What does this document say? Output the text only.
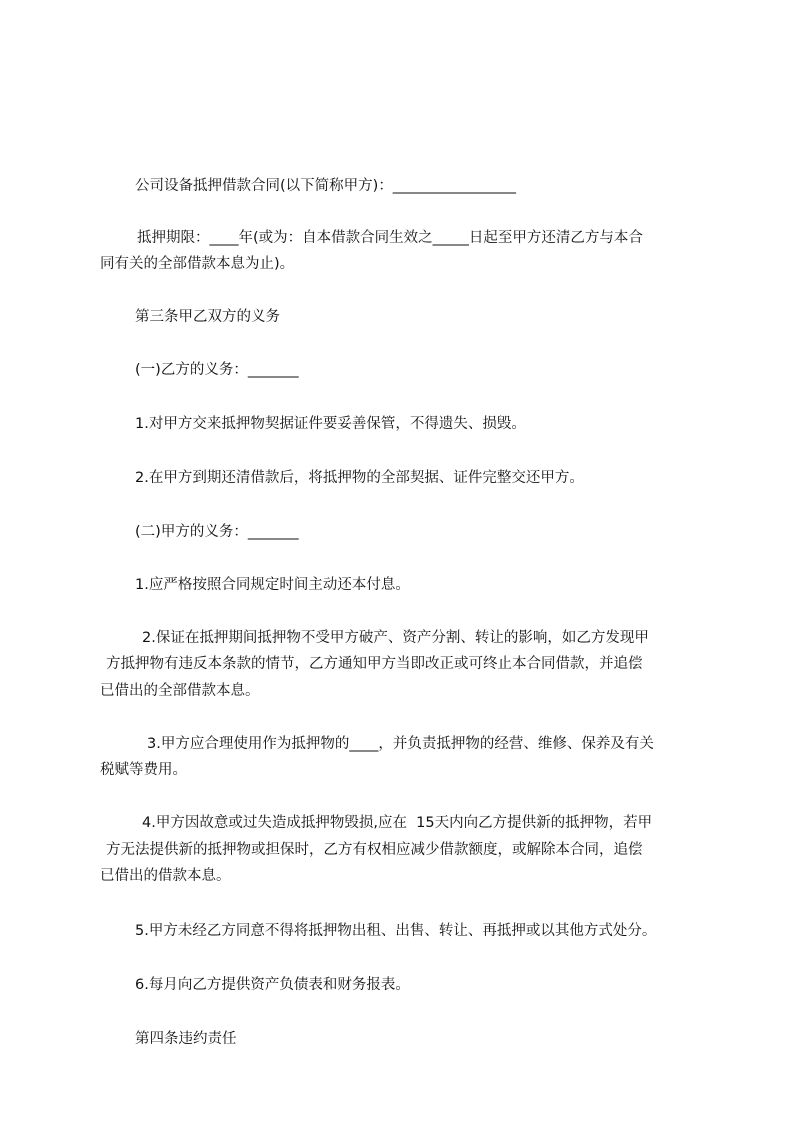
公司设备抵押借款合同(以下简称甲方)：_________________

抵押期限：____年(或为：自本借款合同生效之_____日起至甲方还清乙方与本合

同有关的全部借款本息为止)。

第三条甲乙双方的义务

(一)乙方的义务：_______

1.对甲方交来抵押物契据证件要妥善保管，不得遗失、损毁。

2.在甲方到期还清借款后，将抵押物的全部契据、证件完整交还甲方。

(二)甲方的义务：_______

1.应严格按照合同规定时间主动还本付息。

2.保证在抵押期间抵押物不受甲方破产、资产分割、转让的影响，如乙方发现甲

方抵押物有违反本条款的情节，乙方通知甲方当即改正或可终止本合同借款，并追偿

已借出的全部借款本息。

3.甲方应合理使用作为抵押物的____，并负责抵押物的经营、维修、保养及有关

税赋等费用。

4.甲方因故意或过失造成抵押物毁损,应在  15天内向乙方提供新的抵押物，若甲

方无法提供新的抵押物或担保时，乙方有权相应减少借款额度，或解除本合同，追偿

已借出的借款本息。

5.甲方未经乙方同意不得将抵押物出租、出售、转让、再抵押或以其他方式处分。

6.每月向乙方提供资产负债表和财务报表。

第四条违约责任
